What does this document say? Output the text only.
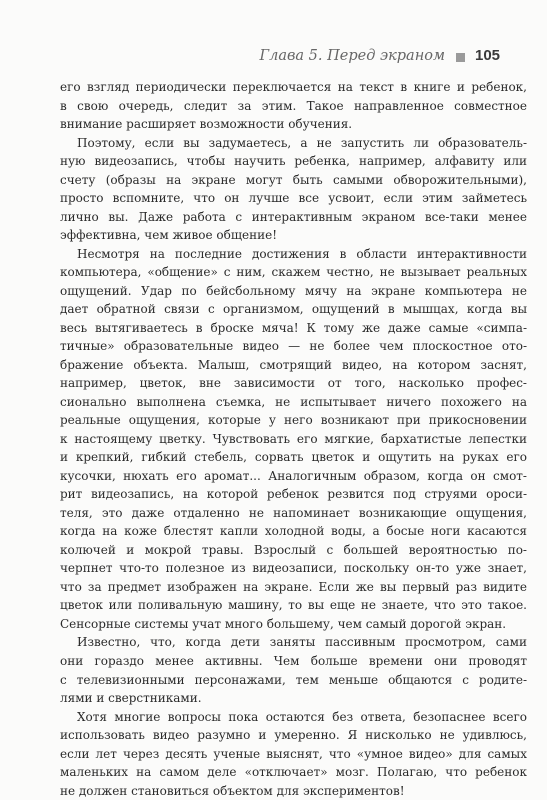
Глава 5. Перед экраном 105
его взгляд периодически переключается на текст в книге и ребенок,
в свою очередь, следит за этим. Такое направленное совместное
внимание расширяет возможности обучения.
Поэтому, если вы задумаетесь, а не запустить ли образователь-
ную видеозапись, чтобы научить ребенка, например, алфавиту или
счету (образы на экране могут быть самыми обворожительными),
просто вспомните, что он лучше все усвоит, если этим займетесь
лично вы. Даже работа с интерактивным экраном все-таки менее
эффективна, чем живое общение!
Несмотря на последние достижения в области интерактивности
компьютера, «общение» с ним, скажем честно, не вызывает реальных
ощущений. Удар по бейсбольному мячу на экране компьютера не
дает обратной связи с организмом, ощущений в мышцах, когда вы
весь вытягиваетесь в броске мяча! К тому же даже самые «симпа-
тичные» образовательные видео — не более чем плоскостное ото-
бражение объекта. Малыш, смотрящий видео, на котором заснят,
например, цветок, вне зависимости от того, насколько профес-
сионально выполнена съемка, не испытывает ничего похожего на
реальные ощущения, которые у него возникают при прикосновении
к настоящему цветку. Чувствовать его мягкие, бархатистые лепестки
и крепкий, гибкий стебель, сорвать цветок и ощутить на руках его
кусочки, нюхать его аромат... Аналогичным образом, когда он смот-
рит видеозапись, на которой ребенок резвится под струями ороси-
теля, это даже отдаленно не напоминает возникающие ощущения,
когда на коже блестят капли холодной воды, а босые ноги касаются
колючей и мокрой травы. Взрослый с большей вероятностью по-
черпнет что-то полезное из видеозаписи, поскольку он-то уже знает,
что за предмет изображен на экране. Если же вы первый раз видите
цветок или поливальную машину, то вы еще не знаете, что это такое.
Сенсорные системы учат много большему, чем самый дорогой экран.
Известно, что, когда дети заняты пассивным просмотром, сами
они гораздо менее активны. Чем больше времени они проводят
с телевизионными персонажами, тем меньше общаются с родите-
лями и сверстниками.
Хотя многие вопросы пока остаются без ответа, безопаснее всего
использовать видео разумно и умеренно. Я нисколько не удивлюсь,
если лет через десять ученые выяснят, что «умное видео» для самых
маленьких на самом деле «отключает» мозг. Полагаю, что ребенок
не должен становиться объектом для экспериментов!
